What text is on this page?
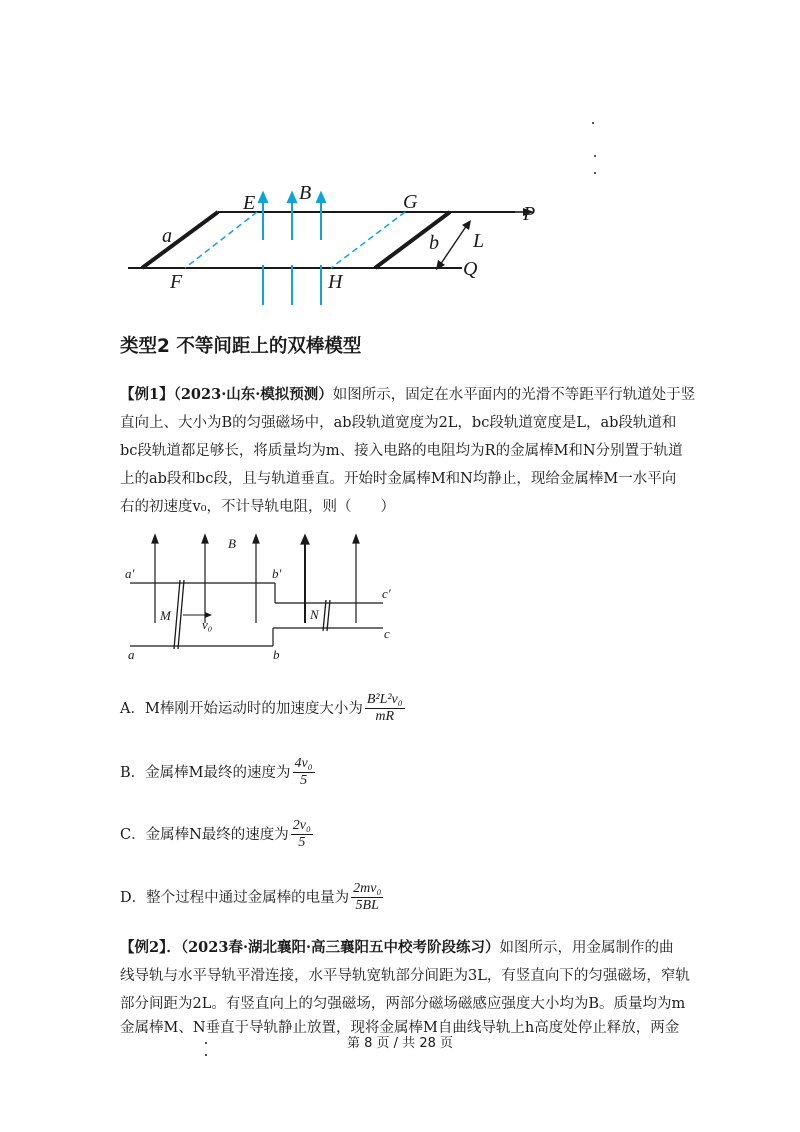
a	b
E
F
G
H
B
L
P
Q
类型2 不等间距上的双棒模型
【例1】（2023·山东·模拟预测）如图所示，固定在水平面内的光滑不等距平行轨道处于竖
直向上、大小为B的匀强磁场中，ab段轨道宽度为2L，bc段轨道宽度是L，ab段轨道和
bc段轨道都足够长，将质量均为m、接入电路的电阻均为R的金属棒M和N分别置于轨道
上的ab段和bc段，且与轨道垂直。开始时金属棒M和N均静止，现给金属棒M一水平向
右的初速度v₀，不计导轨电阻，则（　　）
a′	b′
c′
a	b
c
M	N
v₀
B
A．M棒刚开始运动时的加速度大小为 $\frac{\text{B²L²v₀}}{mR}$
B．金属棒M最终的速度为 $\frac{\text{4v₀}}{5}$
C．金属棒N最终的速度为 $\frac{\text{2v₀}}{5}$
D．整个过程中通过金属棒的电量为 $\frac{\text{2mv₀}}{5BL}$
【例2】．（2023春·湖北襄阳·高三襄阳五中校考阶段练习）如图所示，用金属制作的曲
线导轨与水平导轨平滑连接，水平导轨宽轨部分间距为3L，有竖直向下的匀强磁场，窄轨
部分间距为2L。有竖直向上的匀强磁场，两部分磁场磁感应强度大小均为B。质量均为m
金属棒M、N垂直于导轨静止放置，现将金属棒M自曲线导轨上h高度处停止释放，两金
第 8 页 / 共 28 页
